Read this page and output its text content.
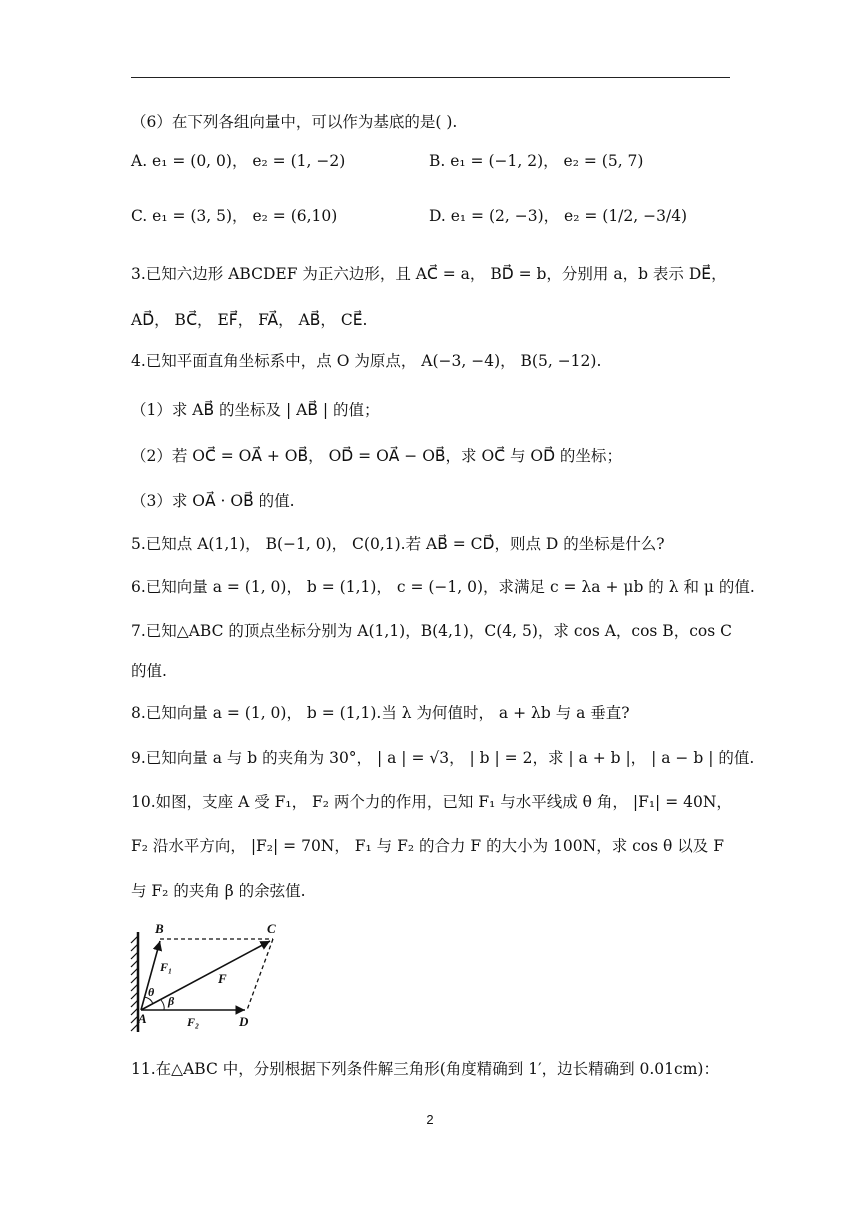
（6）在下列各组向量中，可以作为基底的是( ).
A. e₁ = (0, 0)， e₂ = (1, −2)	B. e₁ = (−1, 2)， e₂ = (5, 7)
C. e₁ = (3, 5)， e₂ = (6,10)	D. e₁ = (2, −3)， e₂ = (1/2, −3/4)
3.已知六边形 ABCDEF 为正六边形，且 AC⃗ = a， BD⃗ = b，分别用 a，b 表示 DE⃗，
AD⃗， BC⃗， EF⃗， FA⃗， AB⃗， CE⃗.
4.已知平面直角坐标系中，点 O 为原点， A(−3, −4)， B(5, −12).
（1）求 AB⃗ 的坐标及 | AB⃗ | 的值；
（2）若 OC⃗ = OA⃗ + OB⃗， OD⃗ = OA⃗ − OB⃗，求 OC⃗ 与 OD⃗ 的坐标；
（3）求 OA⃗ · OB⃗ 的值.
5.已知点 A(1,1)， B(−1, 0)， C(0,1).若 AB⃗ = CD⃗，则点 D 的坐标是什么?
6.已知向量 a = (1, 0)， b = (1,1)， c = (−1, 0)，求满足 c = λa + μb 的 λ 和 μ 的值.
7.已知△ABC 的顶点坐标分别为 A(1,1)，B(4,1)，C(4, 5)，求 cos A，cos B，cos C
的值.
8.已知向量 a = (1, 0)， b = (1,1).当 λ 为何值时， a + λb 与 a 垂直?
9.已知向量 a 与 b 的夹角为 30°， | a | = √3， | b | = 2，求 | a + b |， | a − b | 的值.
10.如图，支座 A 受 F₁， F₂ 两个力的作用，已知 F₁ 与水平线成 θ 角， |F₁| = 40N，
F₂ 沿水平方向， |F₂| = 70N， F₁ 与 F₂ 的合力 F 的大小为 100N，求 cos θ 以及 F
与 F₂ 的夹角 β 的余弦值.
B	C
A	D
F₁
F
F₂
θ
β
11.在△ABC 中，分别根据下列条件解三角形(角度精确到 1′，边长精确到 0.01cm)：
2
